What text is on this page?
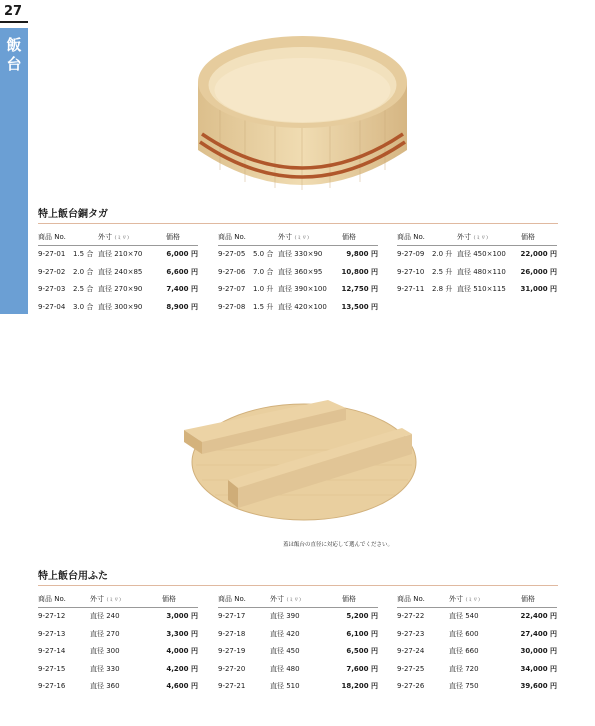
27
飯
台
蓋は飯台の直径に対応して選んでください。
特上飯台銅タガ
商品 No.	外寸（ミリ）	価格
9-27-01 1.5 合 直径 210×70	6,000 円
9-27-02 2.0 合 直径 240×85	6,600 円
9-27-03 2.5 合 直径 270×90	7,400 円
9-27-04 3.0 合 直径 300×90	8,900 円
商品 No.	外寸（ミリ）	価格
9-27-05 5.0 合 直径 330×90	9,800 円
9-27-06 7.0 合 直径 360×95	10,800 円
9-27-07 1.0 升 直径 390×100 12,750 円
9-27-08 1.5 升 直径 420×100 13,500 円
商品 No.	外寸（ミリ）	価格
9-27-09 2.0 升 直径 450×100 22,000 円
9-27-10 2.5 升 直径 480×110 26,000 円
9-27-11 2.8 升 直径 510×115 31,000 円
特上飯台用ふた
商品 No.	外寸（ミリ）	価格
9-27-12	直径 240	3,000 円
9-27-13	直径 270	3,300 円
9-27-14	直径 300	4,000 円
9-27-15	直径 330	4,200 円
9-27-16	直径 360	4,600 円
商品 No.	外寸（ミリ）	価格
9-27-17	直径 390	5,200 円
9-27-18	直径 420	6,100 円
9-27-19	直径 450	6,500 円
9-27-20	直径 480	7,600 円
9-27-21	直径 510	18,200 円
商品 No.	外寸（ミリ）	価格
9-27-22	直径 540	22,400 円
9-27-23	直径 600	27,400 円
9-27-24	直径 660	30,000 円
9-27-25	直径 720	34,000 円
9-27-26	直径 750	39,600 円
